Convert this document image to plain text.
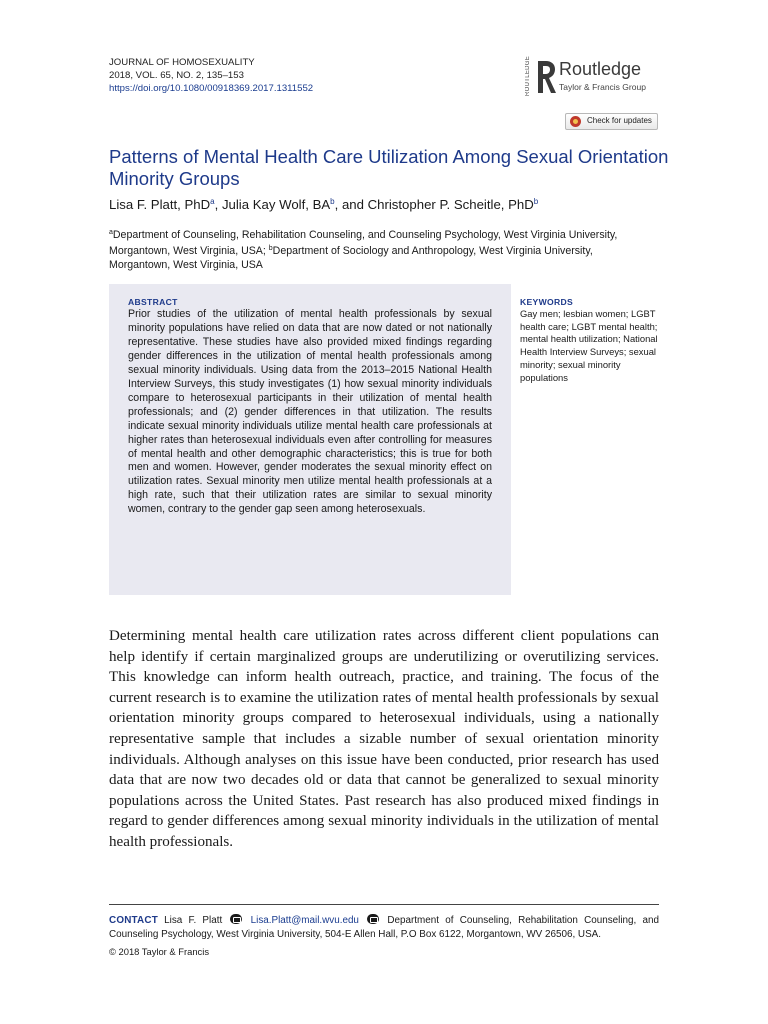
JOURNAL OF HOMOSEXUALITY
2018, VOL. 65, NO. 2, 135–153
https://doi.org/10.1080/00918369.2017.1311552	ROUTLEDGE Routledge
Taylor & Francis Group
Check for updates
Patterns of Mental Health Care Utilization Among Sexual Orientation Minority Groups
Lisa F. Platt, PhD$^a$, Julia Kay Wolf, $BA^b$, and Christopher P. Scheitle, PhD$^b$
$^a$Department of Counseling, Rehabilitation Counseling, and Counseling Psychology, West Virginia University, Morgantown, West Virginia, USA; $^b$Department of Sociology and Anthropology, West Virginia University, Morgantown, West Virginia, USA
ABSTRACT
Prior studies of the utilization of mental health professionals by sexual minority populations have relied on data that are now dated or not nationally representative. These studies have also provided mixed findings regarding gender differences in the utilization of mental health professionals among sexual minority individuals. Using data from the 2013–2015 National Health Interview Surveys, this study investigates (1) how sexual minority individuals compare to heterosexual participants in their utilization of mental health professionals; and (2) gender differences in that utilization. The results indicate sexual minority individuals utilize mental health care professionals at higher rates than heterosexual individuals even after controlling for measures of mental health and other demographic characteristics; this is true for both men and women. However, gender moderates the sexual minority effect on utilization rates. Sexual minority men utilize mental health professionals at a high rate, such that their utilization rates are similar to sexual minority women, contrary to the gender gap seen among heterosexuals.
KEYWORDS
Gay men; lesbian women; LGBT health care; LGBT mental health; mental health utilization; National Health Interview Surveys; sexual minority; sexual minority populations
Determining mental health care utilization rates across different client populations can help identify if certain marginalized groups are underutilizing or overutilizing services. This knowledge can inform health outreach, practice, and training. The focus of the current research is to examine the utilization rates of mental health professionals by sexual orientation minority groups compared to heterosexual individuals, using a nationally representative sample that includes a sizable number of sexual orientation minority individuals. Although analyses on this issue have been conducted, prior research has used data that are now two decades old or data that cannot be generalized to sexual minority populations across the United States. Past research has also produced mixed findings in regard to gender differences among sexual minority individuals in the utilization of mental health professionals.
CONTACT Lisa F. Platt	Lisa.Platt@mail.wvu.edu	Department of Counseling, Rehabilitation Counseling, and Counseling Psychology, West Virginia University, 504-E Allen Hall, P.O Box 6122, Morgantown, WV 26506, USA.
© 2018 Taylor & Francis
